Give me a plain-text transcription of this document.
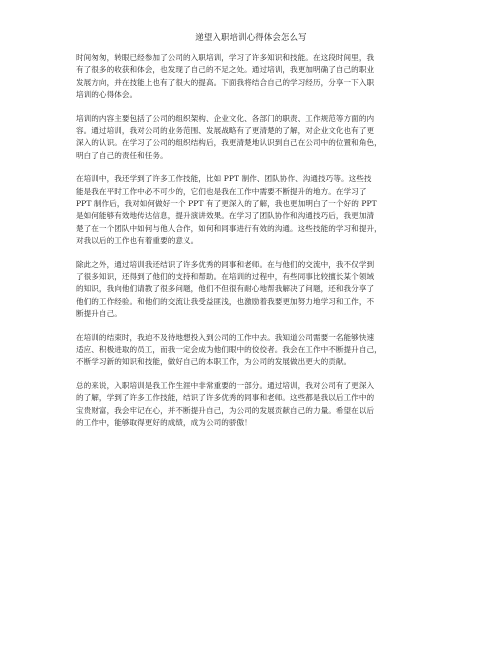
递望入职培训心得体会怎么写

时间匆匆，转眼已经参加了公司的入职培训，学习了许多知识和技能。在这段时间里，我
有了很多的收获和体会，也发现了自己的不足之处。通过培训，我更加明确了自己的职业
发展方向，并在技能上也有了很大的提高。下面我将结合自己的学习经历，分享一下入职
培训的心得体会。

培训的内容主要包括了公司的组织架构、企业文化、各部门的职责、工作规范等方面的内
容。通过培训，我对公司的业务范围、发展战略有了更清楚的了解，对企业文化也有了更
深入的认识。在学习了公司的组织结构后，我更清楚地认识到自己在公司中的位置和角色，
明白了自己的责任和任务。

在培训中，我还学到了许多工作技能，比如 PPT 制作、团队协作、沟通技巧等。这些技
能是我在平时工作中必不可少的，它们也是我在工作中需要不断提升的地方。在学习了
PPT 制作后，我对如何做好一个 PPT 有了更深入的了解，我也更加明白了一个好的 PPT
是如何能够有效地传达信息，提升演讲效果。在学习了团队协作和沟通技巧后，我更加清
楚了在一个团队中如何与他人合作，如何和同事进行有效的沟通。这些技能的学习和提升，
对我以后的工作也有着重要的意义。

除此之外，通过培训我还结识了许多优秀的同事和老师。在与他们的交流中，我不仅学到
了很多知识，还得到了他们的支持和帮助。在培训的过程中，有些同事比较擅长某个领域
的知识，我向他们请教了很多问题，他们不但很有耐心地帮我解决了问题，还和我分享了
他们的工作经验。和他们的交流让我受益匪浅，也激励着我要更加努力地学习和工作，不
断提升自己。

在培训的结束时，我迫不及待地想投入到公司的工作中去。我知道公司需要一名能够快速
适应、积极进取的员工，而我一定会成为他们眼中的佼佼者。我会在工作中不断提升自己，
不断学习新的知识和技能，做好自己的本职工作，为公司的发展做出更大的贡献。

总的来说，入职培训是我工作生涯中非常重要的一部分。通过培训，我对公司有了更深入
的了解，学到了许多工作技能，结识了许多优秀的同事和老师。这些都是我以后工作中的
宝贵财富，我会牢记在心，并不断提升自己，为公司的发展贡献自己的力量。希望在以后
的工作中，能够取得更好的成绩，成为公司的骄傲！
